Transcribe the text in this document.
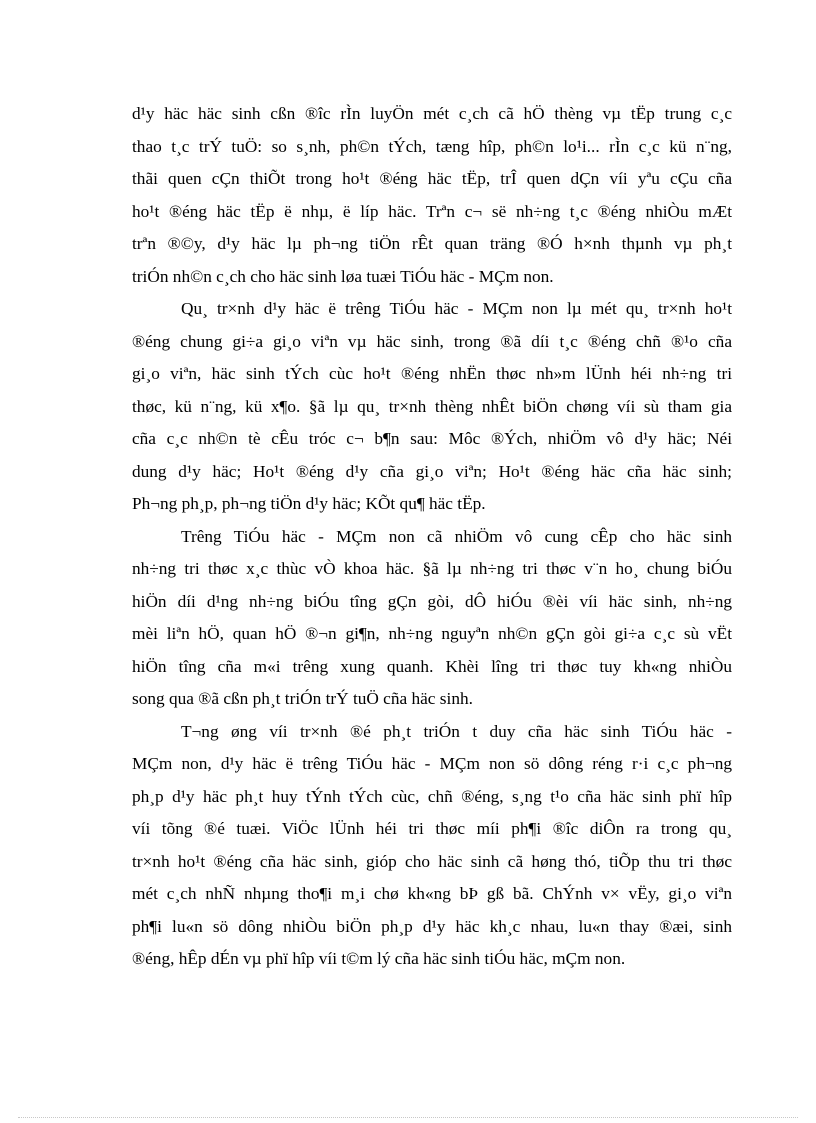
d¹y häc häc sinh cßn ®îc rÌn luyÖn mét c¸ch cã hÖ thèng vµ tËp trung c¸c
thao t¸c trÝ tuÖ: so s¸nh, ph©n tÝch, tæng hîp, ph©n lo¹i... rÌn c¸c kü n¨ng,
thãi quen cÇn thiÕt trong ho¹t ®éng häc tËp, trÎ quen dÇn víi yªu cÇu cña
ho¹t ®éng häc tËp ë nhµ, ë líp häc. Trªn c¬ së nh÷ng t¸c ®éng nhiÒu mÆt
trªn ®©y, d¹y häc lµ ph¬ng tiÖn rÊt quan träng ®Ó h×nh thµnh vµ ph¸t
triÓn nh©n c¸ch cho häc sinh løa tuæi TiÓu häc - MÇm non.
Qu¸ tr×nh d¹y häc ë trêng TiÓu häc - MÇm non lµ mét qu¸ tr×nh ho¹t
®éng chung gi÷a gi¸o viªn vµ häc sinh, trong ®ã díi t¸c ®éng chñ ®¹o cña
gi¸o viªn, häc sinh tÝch cùc ho¹t ®éng nhËn thøc nh»m lÜnh héi nh÷ng tri
thøc, kü n¨ng, kü x¶o. §ã lµ qu¸ tr×nh thèng nhÊt biÖn chøng víi sù tham gia
cña c¸c nh©n tè cÊu tróc c¬ b¶n sau: Môc ®Ých, nhiÖm vô d¹y häc; Néi
dung d¹y häc; Ho¹t ®éng d¹y cña gi¸o viªn; Ho¹t ®éng häc cña häc sinh;
Ph¬ng ph¸p, ph¬ng tiÖn d¹y häc; KÕt qu¶ häc tËp.
Trêng TiÓu häc - MÇm non cã nhiÖm vô cung cÊp cho häc sinh
nh÷ng tri thøc x¸c thùc vÒ khoa häc. §ã lµ nh÷ng tri thøc v¨n ho¸ chung biÓu
hiÖn díi d¹ng nh÷ng biÓu tîng gÇn gòi, dÔ hiÓu ®èi víi häc sinh, nh÷ng
mèi liªn hÖ, quan hÖ ®¬n gi¶n, nh÷ng nguyªn nh©n gÇn gòi gi÷a c¸c sù vËt
hiÖn tîng cña m«i trêng xung quanh. Khèi lîng tri thøc tuy kh«ng nhiÒu
song qua ®ã cßn ph¸t triÓn trÝ tuÖ cña häc sinh.
T¬ng øng víi tr×nh ®é ph¸t triÓn t duy cña häc sinh TiÓu häc -
MÇm non, d¹y häc ë trêng TiÓu häc - MÇm non sö dông réng r·i c¸c ph¬ng
ph¸p d¹y häc ph¸t huy tÝnh tÝch cùc, chñ ®éng, s¸ng t¹o cña häc sinh phï hîp
víi tõng ®é tuæi. ViÖc lÜnh héi tri thøc míi ph¶i ®îc diÔn ra trong qu¸
tr×nh ho¹t ®éng cña häc sinh, gióp cho häc sinh cã høng thó, tiÕp thu tri thøc
mét c¸ch nhÑ nhµng tho¶i m¸i chø kh«ng bÞ gß bã. ChÝnh v× vËy, gi¸o viªn
ph¶i lu«n sö dông nhiÒu biÖn ph¸p d¹y häc kh¸c nhau, lu«n thay ®æi, sinh
®éng, hÊp dÉn vµ phï hîp víi t©m lý cña häc sinh tiÓu häc, mÇm non.
